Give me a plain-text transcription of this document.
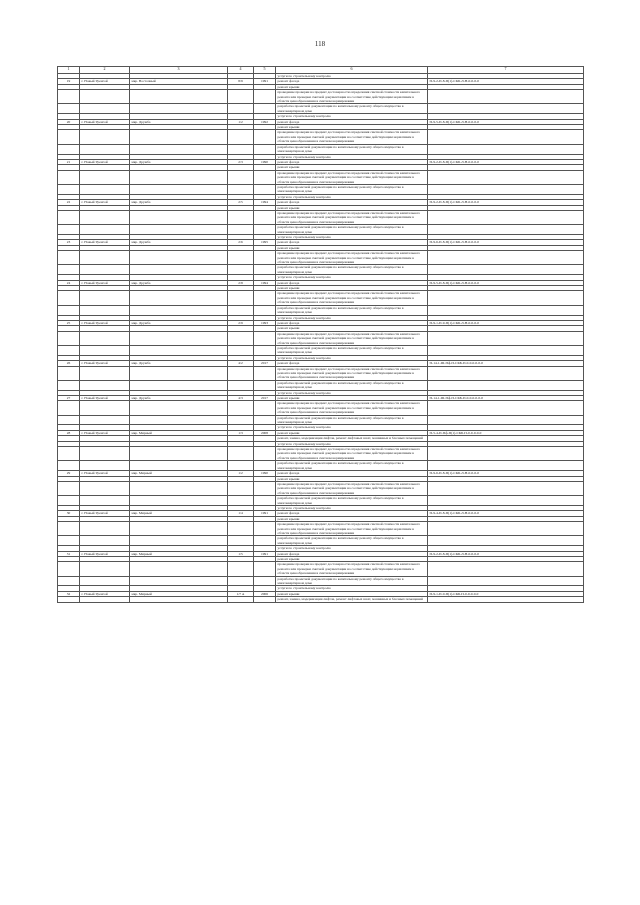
118
1	2	3	4	5	6	7
					услуги по строительному контролю	
19	г. Новый Уренгой	мкр. Восточный	8/9	1991	ремонт фасада	П-9-2-П-8-П(1)-СКБ-Л-Н-0-0-0-0
					ремонт крыши	
					проведение проверки на предмет достоверности определения сметной стоимости капитального ремонта или проверки сметной документации на соответствие действующим нормативам в области ценообразования в сметном нормировании	
					разработка проектной документации по капитальному ремонту общего имущества в многоквартирном доме	
					услуги по строительному контролю	
20	г. Новый Уренгой	мкр. Дружба	1/2	1992	ремонт фасада	П-9-5-П-8-П(1)-СКБ-Л-Н-0-0-0-0
					ремонт крыши	
					проведение проверки на предмет достоверности определения сметной стоимости капитального ремонта или проверки сметной документации на соответствие действующим нормативам в области ценообразования в сметном нормировании	
					разработка проектной документации по капитальному ремонту общего имущества в многоквартирном доме	
					услуги по строительному контролю	
21	г. Новый Уренгой	мкр. Дружба	2/3	1990	ремонт фасада	П-9-2-П-8-П(1)-СКБ-Л-Н-0-0-0-0
					ремонт крыши	
					проведение проверки на предмет достоверности определения сметной стоимости капитального ремонта или проверки сметной документации на соответствие действующим нормативам в области ценообразования в сметном нормировании	
					разработка проектной документации по капитальному ремонту общего имущества в многоквартирном доме	
					услуги по строительному контролю	
22	г. Новый Уренгой	мкр. Дружба	2/5	1994	ремонт фасада	П-9-2-П-8-П(1)-СКБ-Л-Н-0-0-0-0
					ремонт крыши	
					проведение проверки на предмет достоверности определения сметной стоимости капитального ремонта или проверки сметной документации на соответствие действующим нормативам в области ценообразования в сметном нормировании	
					разработка проектной документации по капитальному ремонту общего имущества в многоквартирном доме	
					услуги по строительному контролю	
23	г. Новый Уренгой	мкр. Дружба	2/6	1995	ремонт фасада	П-9-6-П-8-П(1)-СКБ-Л-Н-0-0-0-0
					ремонт крыши	
					проведение проверки на предмет достоверности определения сметной стоимости капитального ремонта или проверки сметной документации на соответствие действующим нормативам в области ценообразования в сметном нормировании	
					разработка проектной документации по капитальному ремонту общего имущества в многоквартирном доме	
					услуги по строительному контролю	
24	г. Новый Уренгой	мкр. Дружба	2/8	1994	ремонт фасада	П-9-5-П-8-П(1)-СКБ-Л-Н-0-0-0-0
					ремонт крыши	
					проведение проверки на предмет достоверности определения сметной стоимости капитального ремонта или проверки сметной документации на соответствие действующим нормативам в области ценообразования в сметном нормировании	
					разработка проектной документации по капитальному ремонту общего имущества в многоквартирном доме	
					услуги по строительному контролю	
25	г. Новый Уренгой	мкр. Дружба	2/9	1993	ремонт фасада	П-9-1-П-9-П(1)-СКБ-Л-Н-0-0-0-0
					ремонт крыши	
					проведение проверки на предмет достоверности определения сметной стоимости капитального ремонта или проверки сметной документации на соответствие действующим нормативам в области ценообразования в сметном нормировании	
					разработка проектной документации по капитальному ремонту общего имущества в многоквартирном доме	
					услуги по строительному контролю	
26	г. Новый Уренгой	мкр. Дружба	4/2	2017	ремонт фасада	П-14-1-Ш-Пф-П-СКБ-П-0-0-0-0-0-0
					проведение проверки на предмет достоверности определения сметной стоимости капитального ремонта или проверки сметной документации на соответствие действующим нормативам в области ценообразования в сметном нормировании	
					разработка проектной документации по капитальному ремонту общего имущества в многоквартирном доме	
					услуги по строительному контролю	
27	г. Новый Уренгой	мкр. Дружба	4/3	2017	ремонт крыши	П-14-1-Ш-Пф-П-СКБ-П-0-0-0-0-0-0
					проведение проверки на предмет достоверности определения сметной стоимости капитального ремонта или проверки сметной документации на соответствие действующим нормативам в области ценообразования в сметном нормировании	
					разработка проектной документации по капитальному ремонту общего имущества в многоквартирном доме	
					услуги по строительному контролю	
28	г. Новый Уренгой	мкр. Мирный	1/3	2008	ремонт крыши	П-5-4-П-Пф-П(1)-СКБ-П-0-0-0-0-0
					ремонт, замена, модернизация лифтов, ремонт лифтовых шахт, машинных и блочных помещений	
					услуги по строительному контролю	
					проведение проверки на предмет достоверности определения сметной стоимости капитального ремонта или проверки сметной документации на соответствие действующим нормативам в области ценообразования в сметном нормировании	
					разработка проектной документации по капитальному ремонту общего имущества в многоквартирном доме	
29	г. Новый Уренгой	мкр. Мирный	1/2	1990	ремонт фасада	П-9-6-П-8-П(1)-СКБ-Л-Н-0-0-0-0
					ремонт крыши	
					проведение проверки на предмет достоверности определения сметной стоимости капитального ремонта или проверки сметной документации на соответствие действующим нормативам в области ценообразования в сметном нормировании	
					разработка проектной документации по капитальному ремонту общего имущества в многоквартирном доме	
					услуги по строительному контролю	
30	г. Новый Уренгой	мкр. Мирный	1/4	1991	ремонт фасада	П-9-4-П-8-П(1)-СКБ-Л-Н-0-0-0-0
					ремонт крыши	
					проведение проверки на предмет достоверности определения сметной стоимости капитального ремонта или проверки сметной документации на соответствие действующим нормативам в области ценообразования в сметном нормировании	
					разработка проектной документации по капитальному ремонту общего имущества в многоквартирном доме	
					услуги по строительному контролю	
31	г. Новый Уренгой	мкр. Мирный	1/5	1991	ремонт фасада	П-9-2-П-8-П(1)-СКБ-Л-Н-0-0-0-0
					ремонт крыши	
					проведение проверки на предмет достоверности определения сметной стоимости капитального ремонта или проверки сметной документации на соответствие действующим нормативам в области ценообразования в сметном нормировании	
					разработка проектной документации по капитальному ремонту общего имущества в многоквартирном доме	
					услуги по строительному контролю	
32	г. Новый Уренгой	мкр. Мирный	1/7 А	2006	ремонт крыши	П-9-1-П-0-П(1)-СКБ-П-0-0-0-0-0
					ремонт, замена, модернизация лифтов, ремонт лифтовых шахт, машинных и блочных помещений	
